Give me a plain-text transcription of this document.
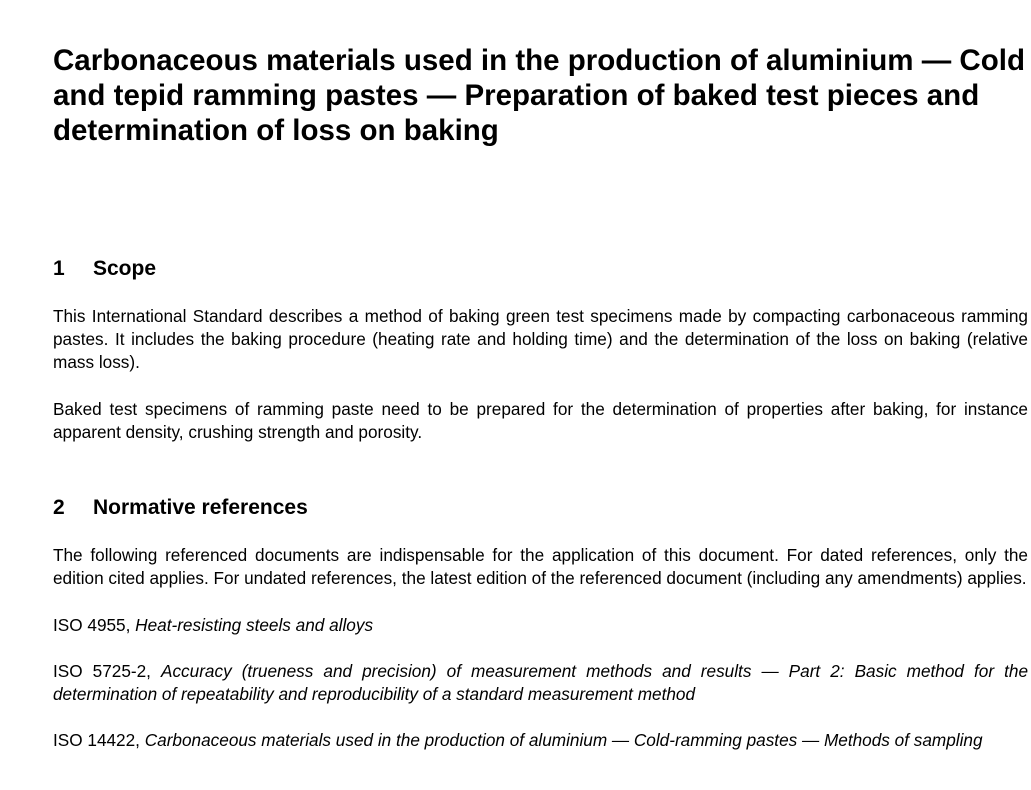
Carbonaceous materials used in the production of aluminium — Cold and tepid ramming pastes — Preparation of baked test pieces and determination of loss on baking
1 Scope

This International Standard describes a method of baking green test specimens made by compacting carbonaceous ramming pastes. It includes the baking procedure (heating rate and holding time) and the determination of the loss on baking (relative mass loss).

Baked test specimens of ramming paste need to be prepared for the determination of properties after baking, for instance apparent density, crushing strength and porosity.

2 Normative references

The following referenced documents are indispensable for the application of this document. For dated references, only the edition cited applies. For undated references, the latest edition of the referenced document (including any amendments) applies.

ISO 4955, Heat-resisting steels and alloys

ISO 5725-2, Accuracy (trueness and precision) of measurement methods and results — Part 2: Basic method for the determination of repeatability and reproducibility of a standard measurement method

ISO 14422, Carbonaceous materials used in the production of aluminium — Cold-ramming pastes — Methods of sampling
